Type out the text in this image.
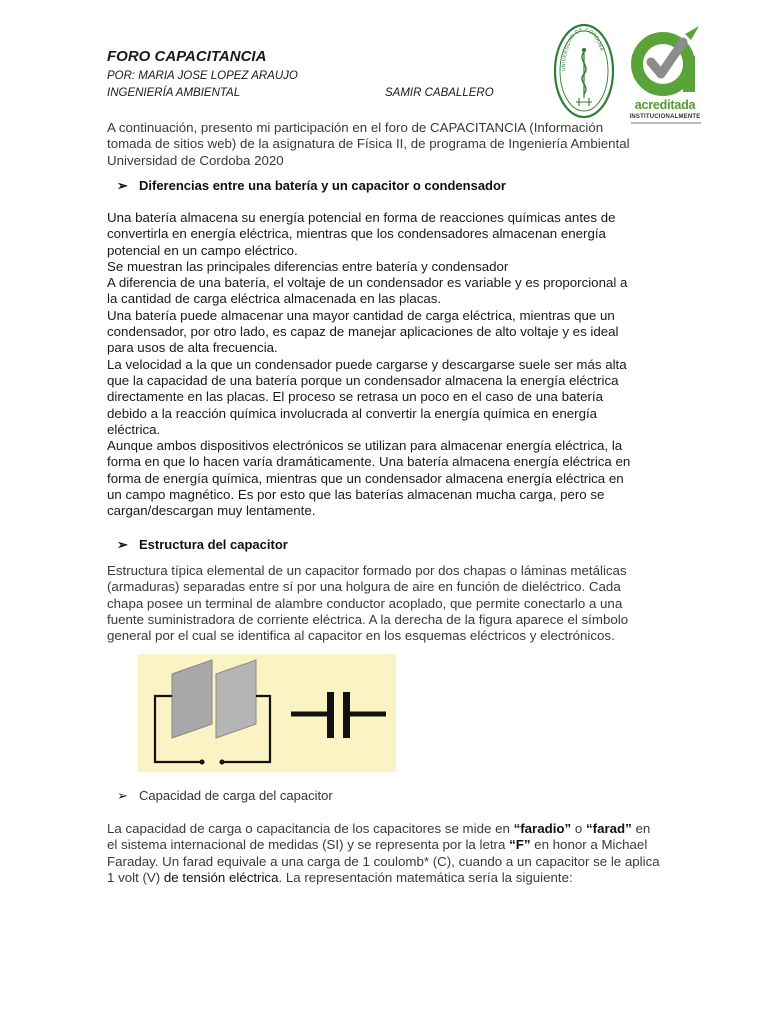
FORO CAPACITANCIA
POR: MARIA JOSE LOPEZ ARAUJO
INGENIERÍA AMBIENTAL	SAMIR CABALLERO
UNIVERSIDAD DE CORDOBA
acreditada
INSTITUCIONALMENTE
A continuación, presento mi participación en el foro de CAPACITANCIA (Información
tomada de sitios web) de la asignatura de Física II, de programa de Ingeniería Ambiental
Universidad de Cordoba 2020
➢ Diferencias entre una batería y un capacitor o condensador
Una batería almacena su energía potencial en forma de reacciones químicas antes de
convertirla en energía eléctrica, mientras que los condensadores almacenan energía
potencial en un campo eléctrico.
Se muestran las principales diferencias entre batería y condensador
A diferencia de una batería, el voltaje de un condensador es variable y es proporcional a
la cantidad de carga eléctrica almacenada en las placas.
Una batería puede almacenar una mayor cantidad de carga eléctrica, mientras que un
condensador, por otro lado, es capaz de manejar aplicaciones de alto voltaje y es ideal
para usos de alta frecuencia.
La velocidad a la que un condensador puede cargarse y descargarse suele ser más alta
que la capacidad de una batería porque un condensador almacena la energía eléctrica
directamente en las placas. El proceso se retrasa un poco en el caso de una batería
debido a la reacción química involucrada al convertir la energía química en energía
eléctrica.
Aunque ambos dispositivos electrónicos se utilizan para almacenar energía eléctrica, la
forma en que lo hacen varía dramáticamente. Una batería almacena energía eléctrica en
forma de energía química, mientras que un condensador almacena energía eléctrica en
un campo magnético. Es por esto que las baterías almacenan mucha carga, pero se
cargan/descargan muy lentamente.
➢ Estructura del capacitor
Estructura típica elemental de un capacitor formado por dos chapas o láminas metálicas
(armaduras) separadas entre sí por una holgura de aire en función de dieléctrico. Cada
chapa posee un terminal de alambre conductor acoplado, que permite conectarlo a una
fuente suministradora de corriente eléctrica. A la derecha de la figura aparece el símbolo
general por el cual se identifica al capacitor en los esquemas eléctricos y electrónicos.
➢ Capacidad de carga del capacitor
La capacidad de carga o capacitancia de los capacitores se mide en “faradio” o “farad” en
el sistema internacional de medidas (SI) y se representa por la letra “F” en honor a Michael
Faraday. Un farad equivale a una carga de 1 coulomb* (C), cuando a un capacitor se le aplica
1 volt (V) de tensión eléctrica. La representación matemática sería la siguiente:
